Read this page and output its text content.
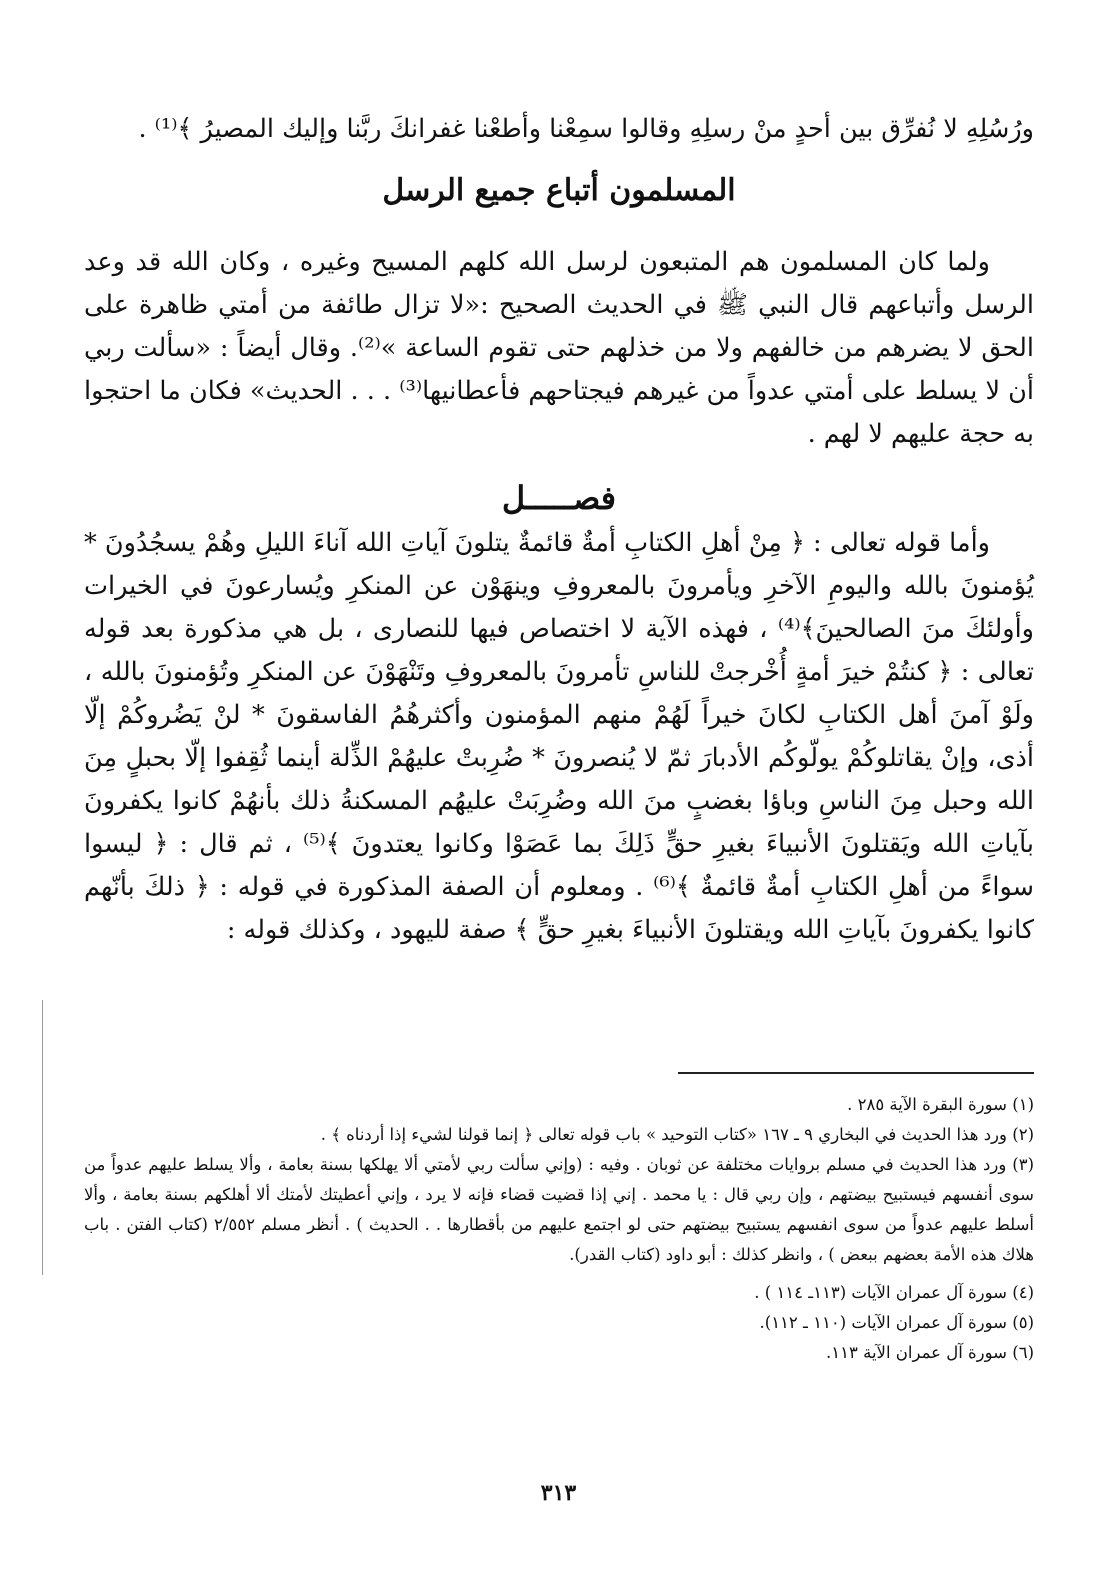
ورُسُلِهِ لا نُفرِّق بين أحدٍ منْ رسلِهِ وقالوا سمِعْنا وأطعْنا غفرانكَ ربَّنا وإليك المصيرُ ﴾⁽¹⁾ .

المسلمون أتباع جميع الرسل

ولما كان المسلمون هم المتبعون لرسل الله كلهم المسيح وغيره ، وكان الله قد وعد الرسل وأتباعهم قال النبي ﷺ في الحديث الصحيح :«لا تزال طائفة من أمتي ظاهرة على الحق لا يضرهم من خالفهم ولا من خذلهم حتى تقوم الساعة »⁽²⁾. وقال أيضاً : «سألت ربي أن لا يسلط على أمتي عدواً من غيرهم فيجتاحهم فأعطانيها⁽³⁾ . . . الحديث» فكان ما احتجوا به حجة عليهم لا لهم .

فصـــــل

وأما قوله تعالى : ﴿ مِنْ أهلِ الكتابِ أمةٌ قائمةٌ يتلونَ آياتِ الله آناءَ الليلِ وهُمْ يسجُدُونَ * يُؤمنونَ بالله واليومِ الآخرِ ويأمرونَ بالمعروفِ وينهَوْن عن المنكرِ ويُسارعونَ في الخيرات وأولئكَ منَ الصالحينَ﴾⁽⁴⁾ ، فهذه الآية لا اختصاص فيها للنصارى ، بل هي مذكورة بعد قوله تعالى : ﴿ كنتُمْ خيرَ أمةٍ أُخْرجتْ للناسِ تأمرونَ بالمعروفِ وتَنْهَوْنَ عن المنكرِ وتُؤمنونَ بالله ، ولَوْ آمنَ أهل الكتابِ لكانَ خيراً لَهُمْ منهم المؤمنون وأكثرهُمُ الفاسقونَ * لنْ يَضُروكُمْ إلّا أذى، وإنْ يقاتلوكُمْ يولّوكُم الأدبارَ ثمّ لا يُنصرونَ * ضُرِبتْ عليهُمْ الذِّلة أينما ثُقِفوا إلّا بحبلٍ مِنَ الله وحبل مِنَ الناسِ وباؤا بغضبٍ منَ الله وضُرِبَتْ عليهُم المسكنةُ ذلك بأنهُمْ كانوا يكفرونَ بآياتِ الله ويَقتلونَ الأنبياءَ بغيرِ حقٍّ ذَلِكَ بما عَصَوْا وكانوا يعتدونَ ﴾⁽⁵⁾ ، ثم قال : ﴿ ليسوا سواءً من أهلِ الكتابِ أمةٌ قائمةٌ ﴾⁽⁶⁾ . ومعلوم أن الصفة المذكورة في قوله : ﴿ ذلكَ بأنّهم كانوا يكفرونَ بآياتِ الله ويقتلونَ الأنبياءَ بغيرِ حقٍّ ﴾ صفة لليهود ، وكذلك قوله :

(١) سورة البقرة الآية ٢٨٥ .

(٢) ورد هذا الحديث في البخاري ٩ ـ ١٦٧ «كتاب التوحيد » باب قوله تعالى ﴿ إنما قولنا لشيء إذا أردناه ﴾ .

(٣) ورد هذا الحديث في مسلم بروايات مختلفة عن ثوبان . وفيه : (وإني سألت ربي لأمتي ألا يهلكها بسنة بعامة ، وألا يسلط عليهم عدواً من سوى أنفسهم فيستبيح بيضتهم ، وإن ربي قال : يا محمد . إني إذا قضيت قضاء فإنه لا يرد ، وإني أعطيتك لأمتك ألا أهلكهم بسنة بعامة ، وألا أسلط عليهم عدواً من سوى انفسهم يستبيح بيضتهم حتى لو اجتمع عليهم من بأقطارها . . الحديث ) . أنظر مسلم ٢/٥٥٢ (كتاب الفتن . باب هلاك هذه الأمة بعضهم ببعض ) ، وانظر كذلك : أبو داود (كتاب القدر).

(٤) سورة آل عمران الآيات (١١٣ـ ١١٤ ) .

(٥) سورة آل عمران الآيات (١١٠ ـ ١١٢).

(٦) سورة آل عمران الآية ١١٣.

٣١٣
